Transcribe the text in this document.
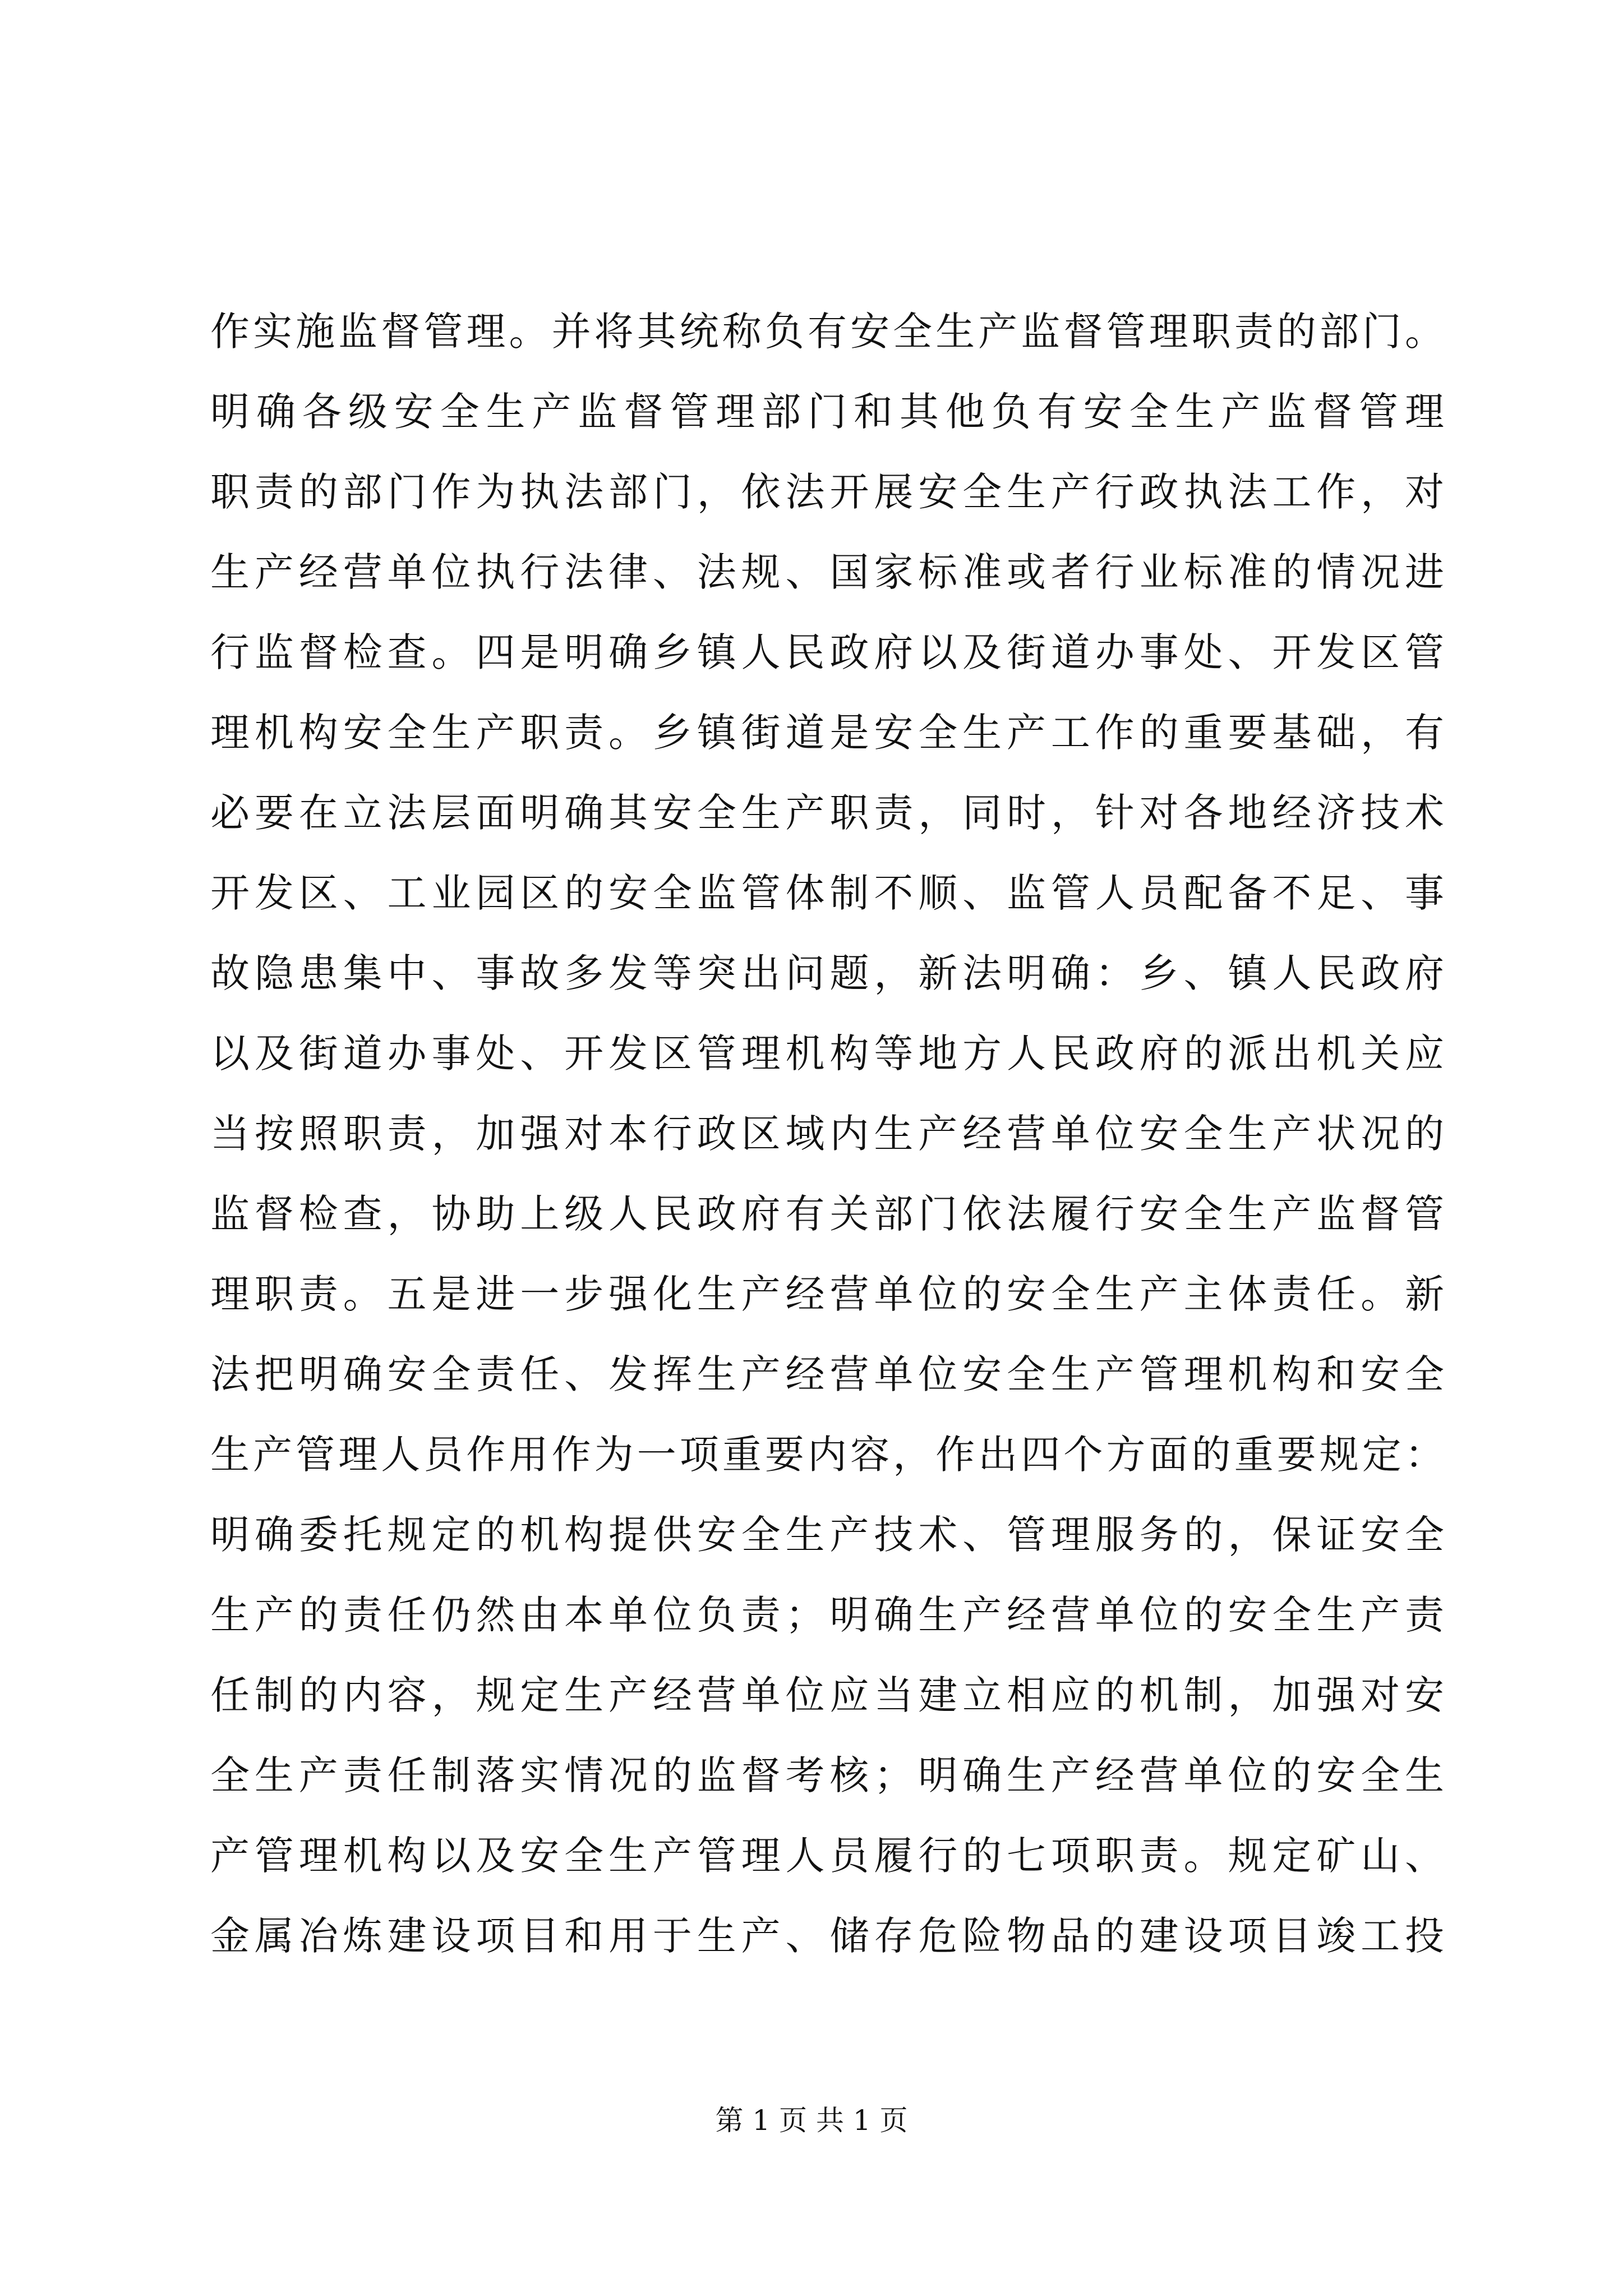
作实施监督管理。并将其统称负有安全生产监督管理职责的部门。
明确各级安全生产监督管理部门和其他负有安全生产监督管理
职责的部门作为执法部门，依法开展安全生产行政执法工作，对
生产经营单位执行法律、法规、国家标准或者行业标准的情况进
行监督检查。四是明确乡镇人民政府以及街道办事处、开发区管
理机构安全生产职责。乡镇街道是安全生产工作的重要基础，有
必要在立法层面明确其安全生产职责，同时，针对各地经济技术
开发区、工业园区的安全监管体制不顺、监管人员配备不足、事
故隐患集中、事故多发等突出问题，新法明确：乡、镇人民政府
以及街道办事处、开发区管理机构等地方人民政府的派出机关应
当按照职责，加强对本行政区域内生产经营单位安全生产状况的
监督检查，协助上级人民政府有关部门依法履行安全生产监督管
理职责。五是进一步强化生产经营单位的安全生产主体责任。新
法把明确安全责任、发挥生产经营单位安全生产管理机构和安全
生产管理人员作用作为一项重要内容，作出四个方面的重要规定：
明确委托规定的机构提供安全生产技术、管理服务的，保证安全
生产的责任仍然由本单位负责；明确生产经营单位的安全生产责
任制的内容，规定生产经营单位应当建立相应的机制，加强对安
全生产责任制落实情况的监督考核；明确生产经营单位的安全生
产管理机构以及安全生产管理人员履行的七项职责。规定矿山、
金属冶炼建设项目和用于生产、储存危险物品的建设项目竣工投
第 1 页 共 1 页
